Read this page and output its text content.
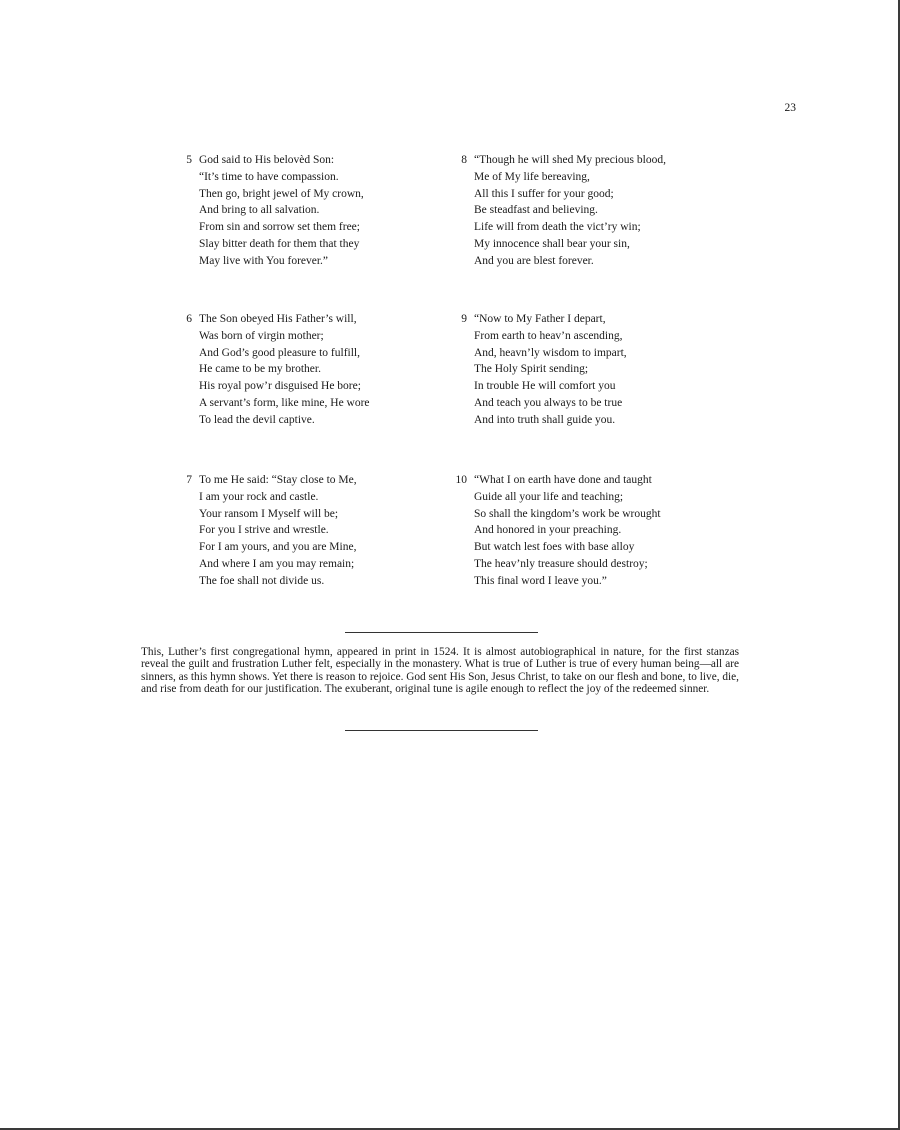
23
5 God said to His belovèd Son:
“It’s time to have compassion.
Then go, bright jewel of My crown,
And bring to all salvation.
From sin and sorrow set them free;
Slay bitter death for them that they
May live with You forever.”
8 “Though he will shed My precious blood,
Me of My life bereaving,
All this I suffer for your good;
Be steadfast and believing.
Life will from death the vict’ry win;
My innocence shall bear your sin,
And you are blest forever.
6 The Son obeyed His Father’s will,
Was born of virgin mother;
And God’s good pleasure to fulfill,
He came to be my brother.
His royal pow’r disguised He bore;
A servant’s form, like mine, He wore
To lead the devil captive.
9 “Now to My Father I depart,
From earth to heav’n ascending,
And, heavn’ly wisdom to impart,
The Holy Spirit sending;
In trouble He will comfort you
And teach you always to be true
And into truth shall guide you.
7 To me He said: “Stay close to Me,
I am your rock and castle.
Your ransom I Myself will be;
For you I strive and wrestle.
For I am yours, and you are Mine,
And where I am you may remain;
The foe shall not divide us.
10 “What I on earth have done and taught
Guide all your life and teaching;
So shall the kingdom’s work be wrought
And honored in your preaching.
But watch lest foes with base alloy
The heav’nly treasure should destroy;
This final word I leave you.”
This, Luther’s first congregational hymn, appeared in print in 1524. It is almost autobiographical in nature, for the first stanzas reveal the guilt and frustration Luther felt, especially in the monastery. What is true of Luther is true of every human being—all are sinners, as this hymn shows. Yet there is reason to rejoice. God sent His Son, Jesus Christ, to take on our flesh and bone, to live, die, and rise from death for our justification. The exuberant, original tune is agile enough to reflect the joy of the redeemed sinner.
